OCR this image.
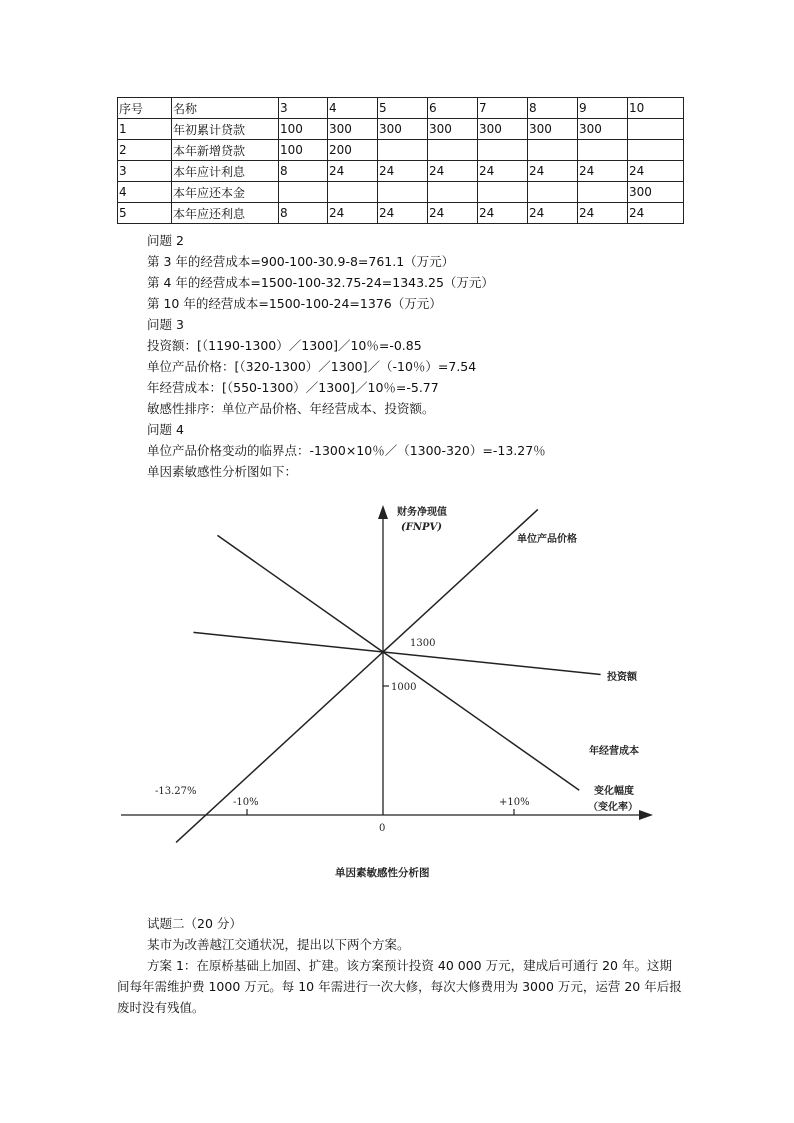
序号	名称	3	4	5	6	7	8	9	10
1	年初累计贷款	100	300	300	300	300	300	300	
2	本年新增贷款	100	200						
3	本年应计利息	8	24	24	24	24	24	24	24
4	本年应还本金								300
5	本年应还利息	8	24	24	24	24	24	24	24
问题 2
第 3 年的经营成本=900-100-30.9-8=761.1（万元）
第 4 年的经营成本=1500-100-32.75-24=1343.25（万元）
第 10 年的经营成本=1500-100-24=1376（万元）
问题 3
投资额：[（1190-1300）／1300]／10％=-0.85
单位产品价格：[（320-1300）／1300]／（-10％）=7.54
年经营成本：[（550-1300）／1300]／10％=-5.77
敏感性排序：单位产品价格、年经营成本、投资额。
问题 4
单位产品价格变动的临界点：-1300×10％／（1300-320）=-13.27％
单因素敏感性分析图如下：
财务净现值
(FNPV)
单位产品价格
投资额
年经营成本
1300
1000
-13.27%
-10%
0
+10%
变化幅度
（变化率）
单因素敏感性分析图
试题二（20 分）
某市为改善越江交通状况，提出以下两个方案。
方案 1：在原桥基础上加固、扩建。该方案预计投资 40 000 万元，建成后可通行 20 年。这期间每年需维护费 1000 万元。每 10 年需进行一次大修，每次大修费用为 3000 万元，运营 20 年后报废时没有残值。
